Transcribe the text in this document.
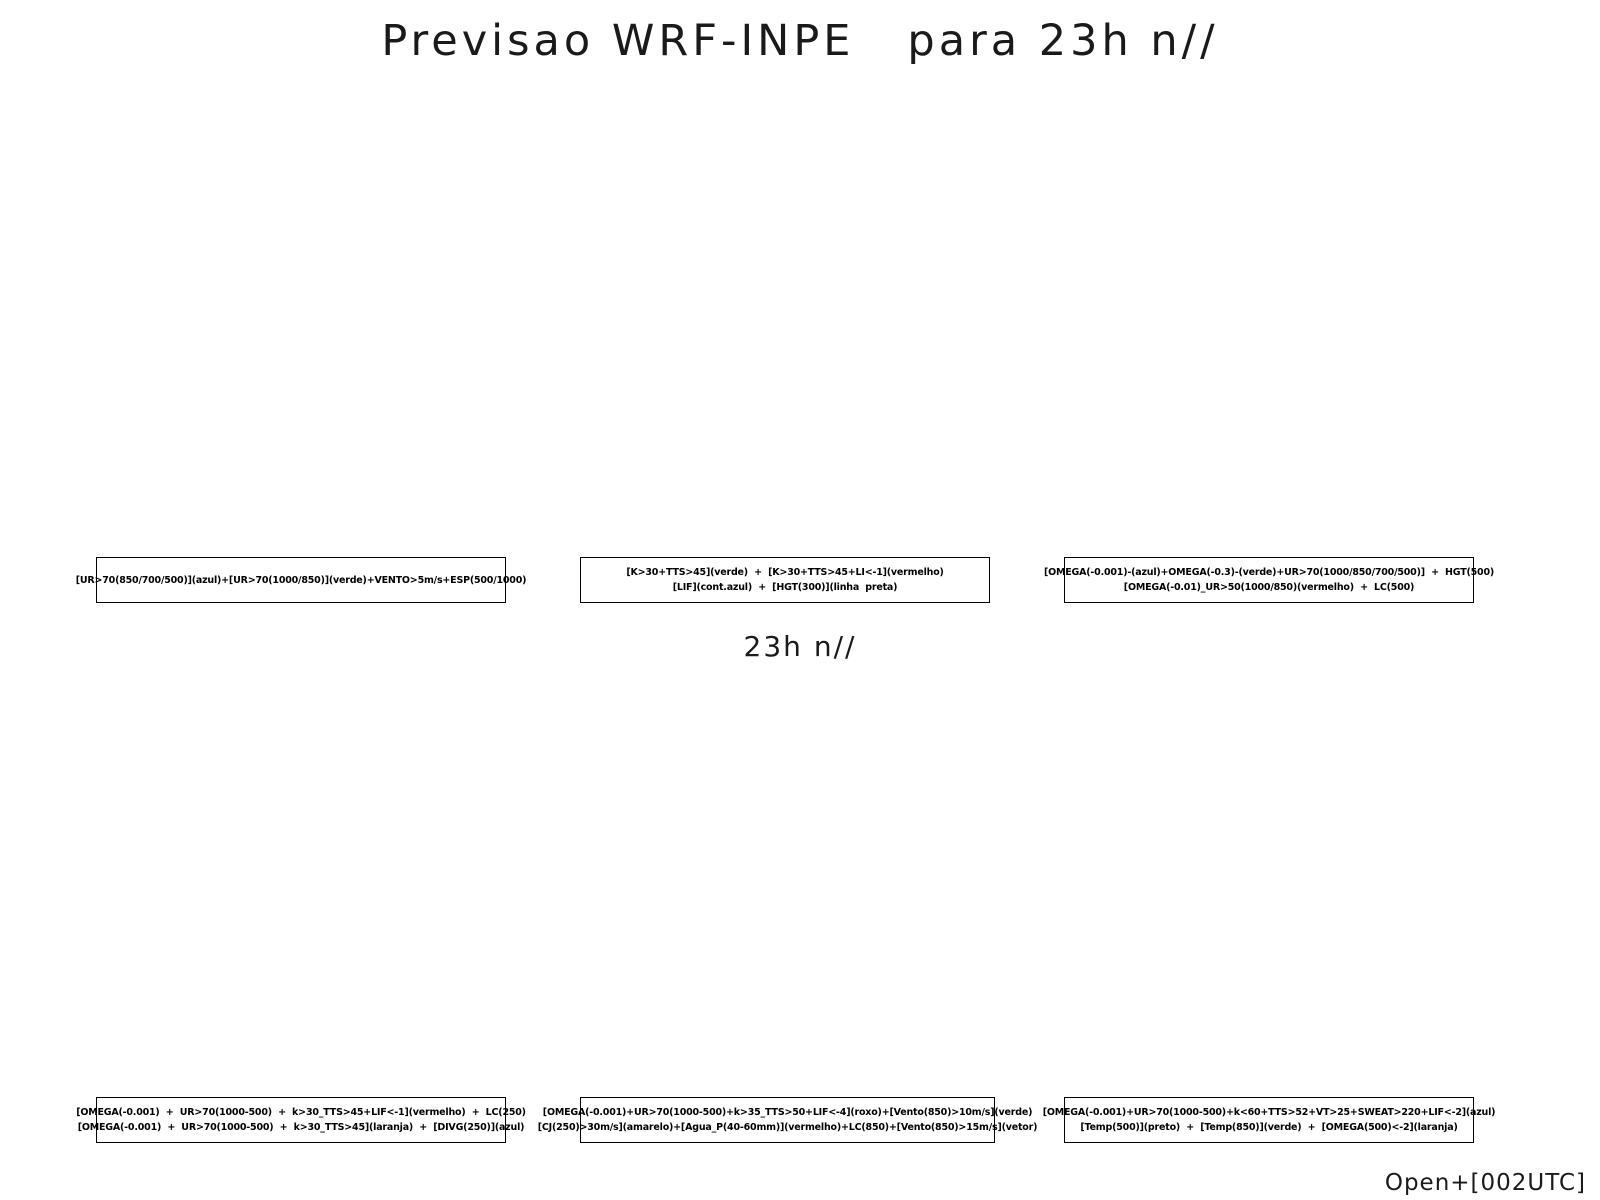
Previsao WRF-INPE   para 23h n//
[UR>70(850/700/500)](azul)+[UR>70(1000/850)](verde)+VENTO>5m/s+ESP(500/1000)
[K>30+TTS>45](verde)  +  [K>30+TTS>45+LI<-1](vermelho)
[LIF](cont.azul)  +  [HGT(300)](linha  preta)
[OMEGA(-0.001)-(azul)+OMEGA(-0.3)-(verde)+UR>70(1000/850/700/500)]  +  HGT(500)
[OMEGA(-0.01)_UR>50(1000/850)(vermelho)  +  LC(500)
23h n//
[OMEGA(-0.001)  +  UR>70(1000-500)  +  k>30_TTS>45+LIF<-1](vermelho)  +  LC(250)
[OMEGA(-0.001)  +  UR>70(1000-500)  +  k>30_TTS>45](laranja)  +  [DIVG(250)](azul)
[OMEGA(-0.001)+UR>70(1000-500)+k>35_TTS>50+LIF<-4](roxo)+[Vento(850)>10m/s](verde)
[CJ(250)>30m/s](amarelo)+[Agua_P(40-60mm)](vermelho)+LC(850)+[Vento(850)>15m/s](vetor)
[OMEGA(-0.001)+UR>70(1000-500)+k<60+TTS>52+VT>25+SWEAT>220+LIF<-2](azul)
[Temp(500)](preto)  +  [Temp(850)](verde)  +  [OMEGA(500)<-2](laranja)
Open+[002UTC]
